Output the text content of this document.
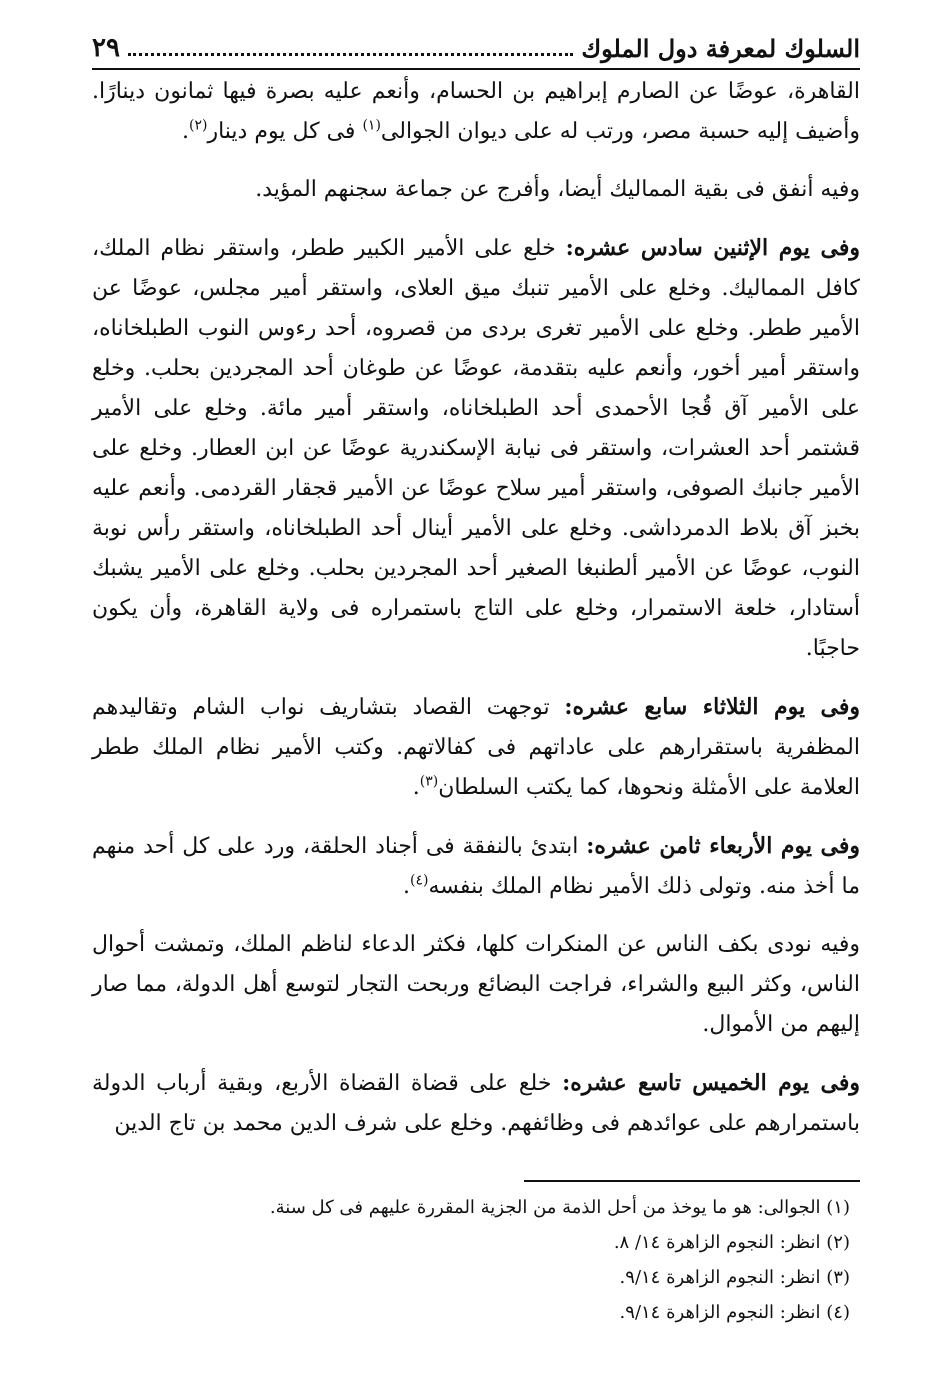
السلوك لمعرفة دول الملوك
٢٩

القاهرة، عوضًا عن الصارم إبراهيم بن الحسام، وأنعم عليه بصرة فيها ثمانون دينارًا. وأضيف إليه حسبة مصر، ورتب له على ديوان الجوالى$^{(١)}$ فى كل يوم دينار$^{(٢)}$.

وفيه أنفق فى بقية المماليك أيضا، وأفرج عن جماعة سجنهم المؤيد.

وفى يوم الإثنين سادس عشره: خلع على الأمير الكبير ططر، واستقر نظام الملك، كافل المماليك. وخلع على الأمير تنبك ميق العلاى، واستقر أمير مجلس، عوضًا عن الأمير ططر. وخلع على الأمير تغرى بردى من قصروه، أحد رءوس النوب الطبلخاناه، واستقر أمير أخور، وأنعم عليه بتقدمة، عوضًا عن طوغان أحد المجردين بحلب. وخلع على الأمير آق قُجا الأحمدى أحد الطبلخاناه، واستقر أمير مائة. وخلع على الأمير قشتمر أحد العشرات، واستقر فى نيابة الإسكندرية عوضًا عن ابن العطار. وخلع على الأمير جانبك الصوفى، واستقر أمير سلاح عوضًا عن الأمير قجقار القردمى. وأنعم عليه بخبز آق بلاط الدمرداشى. وخلع على الأمير أينال أحد الطبلخاناه، واستقر رأس نوبة النوب، عوضًا عن الأمير ألطنبغا الصغير أحد المجردين بحلب. وخلع على الأمير يشبك أستادار، خلعة الاستمرار، وخلع على التاج باستمراره فى ولاية القاهرة، وأن يكون حاجبًا.

وفى يوم الثلاثاء سابع عشره: توجهت القصاد بتشاريف نواب الشام وتقاليدهم المظفرية باستقرارهم على عاداتهم فى كفالاتهم. وكتب الأمير نظام الملك ططر العلامة على الأمثلة ونحوها، كما يكتب السلطان$^{(٣)}$.

وفى يوم الأربعاء ثامن عشره: ابتدئ بالنفقة فى أجناد الحلقة، ورد على كل أحد منهم ما أخذ منه. وتولى ذلك الأمير نظام الملك بنفسه$^{(٤)}$.

وفيه نودى بكف الناس عن المنكرات كلها، فكثر الدعاء لناظم الملك، وتمشت أحوال الناس، وكثر البيع والشراء، فراجت البضائع وربحت التجار لتوسع أهل الدولة، مما صار إليهم من الأموال.

وفى يوم الخميس تاسع عشره: خلع على قضاة القضاة الأربع، وبقية أرباب الدولة باستمرارهم على عوائدهم فى وظائفهم. وخلع على شرف الدين محمد بن تاج الدين

(١) الجوالى: هو ما يوخذ من أحل الذمة من الجزية المقررة عليهم فى كل سنة.

(٢) انظر: النجوم الزاهرة ١٤/ ٨.

(٣) انظر: النجوم الزاهرة ٩/١٤.

(٤) انظر: النجوم الزاهرة ٩/١٤.
